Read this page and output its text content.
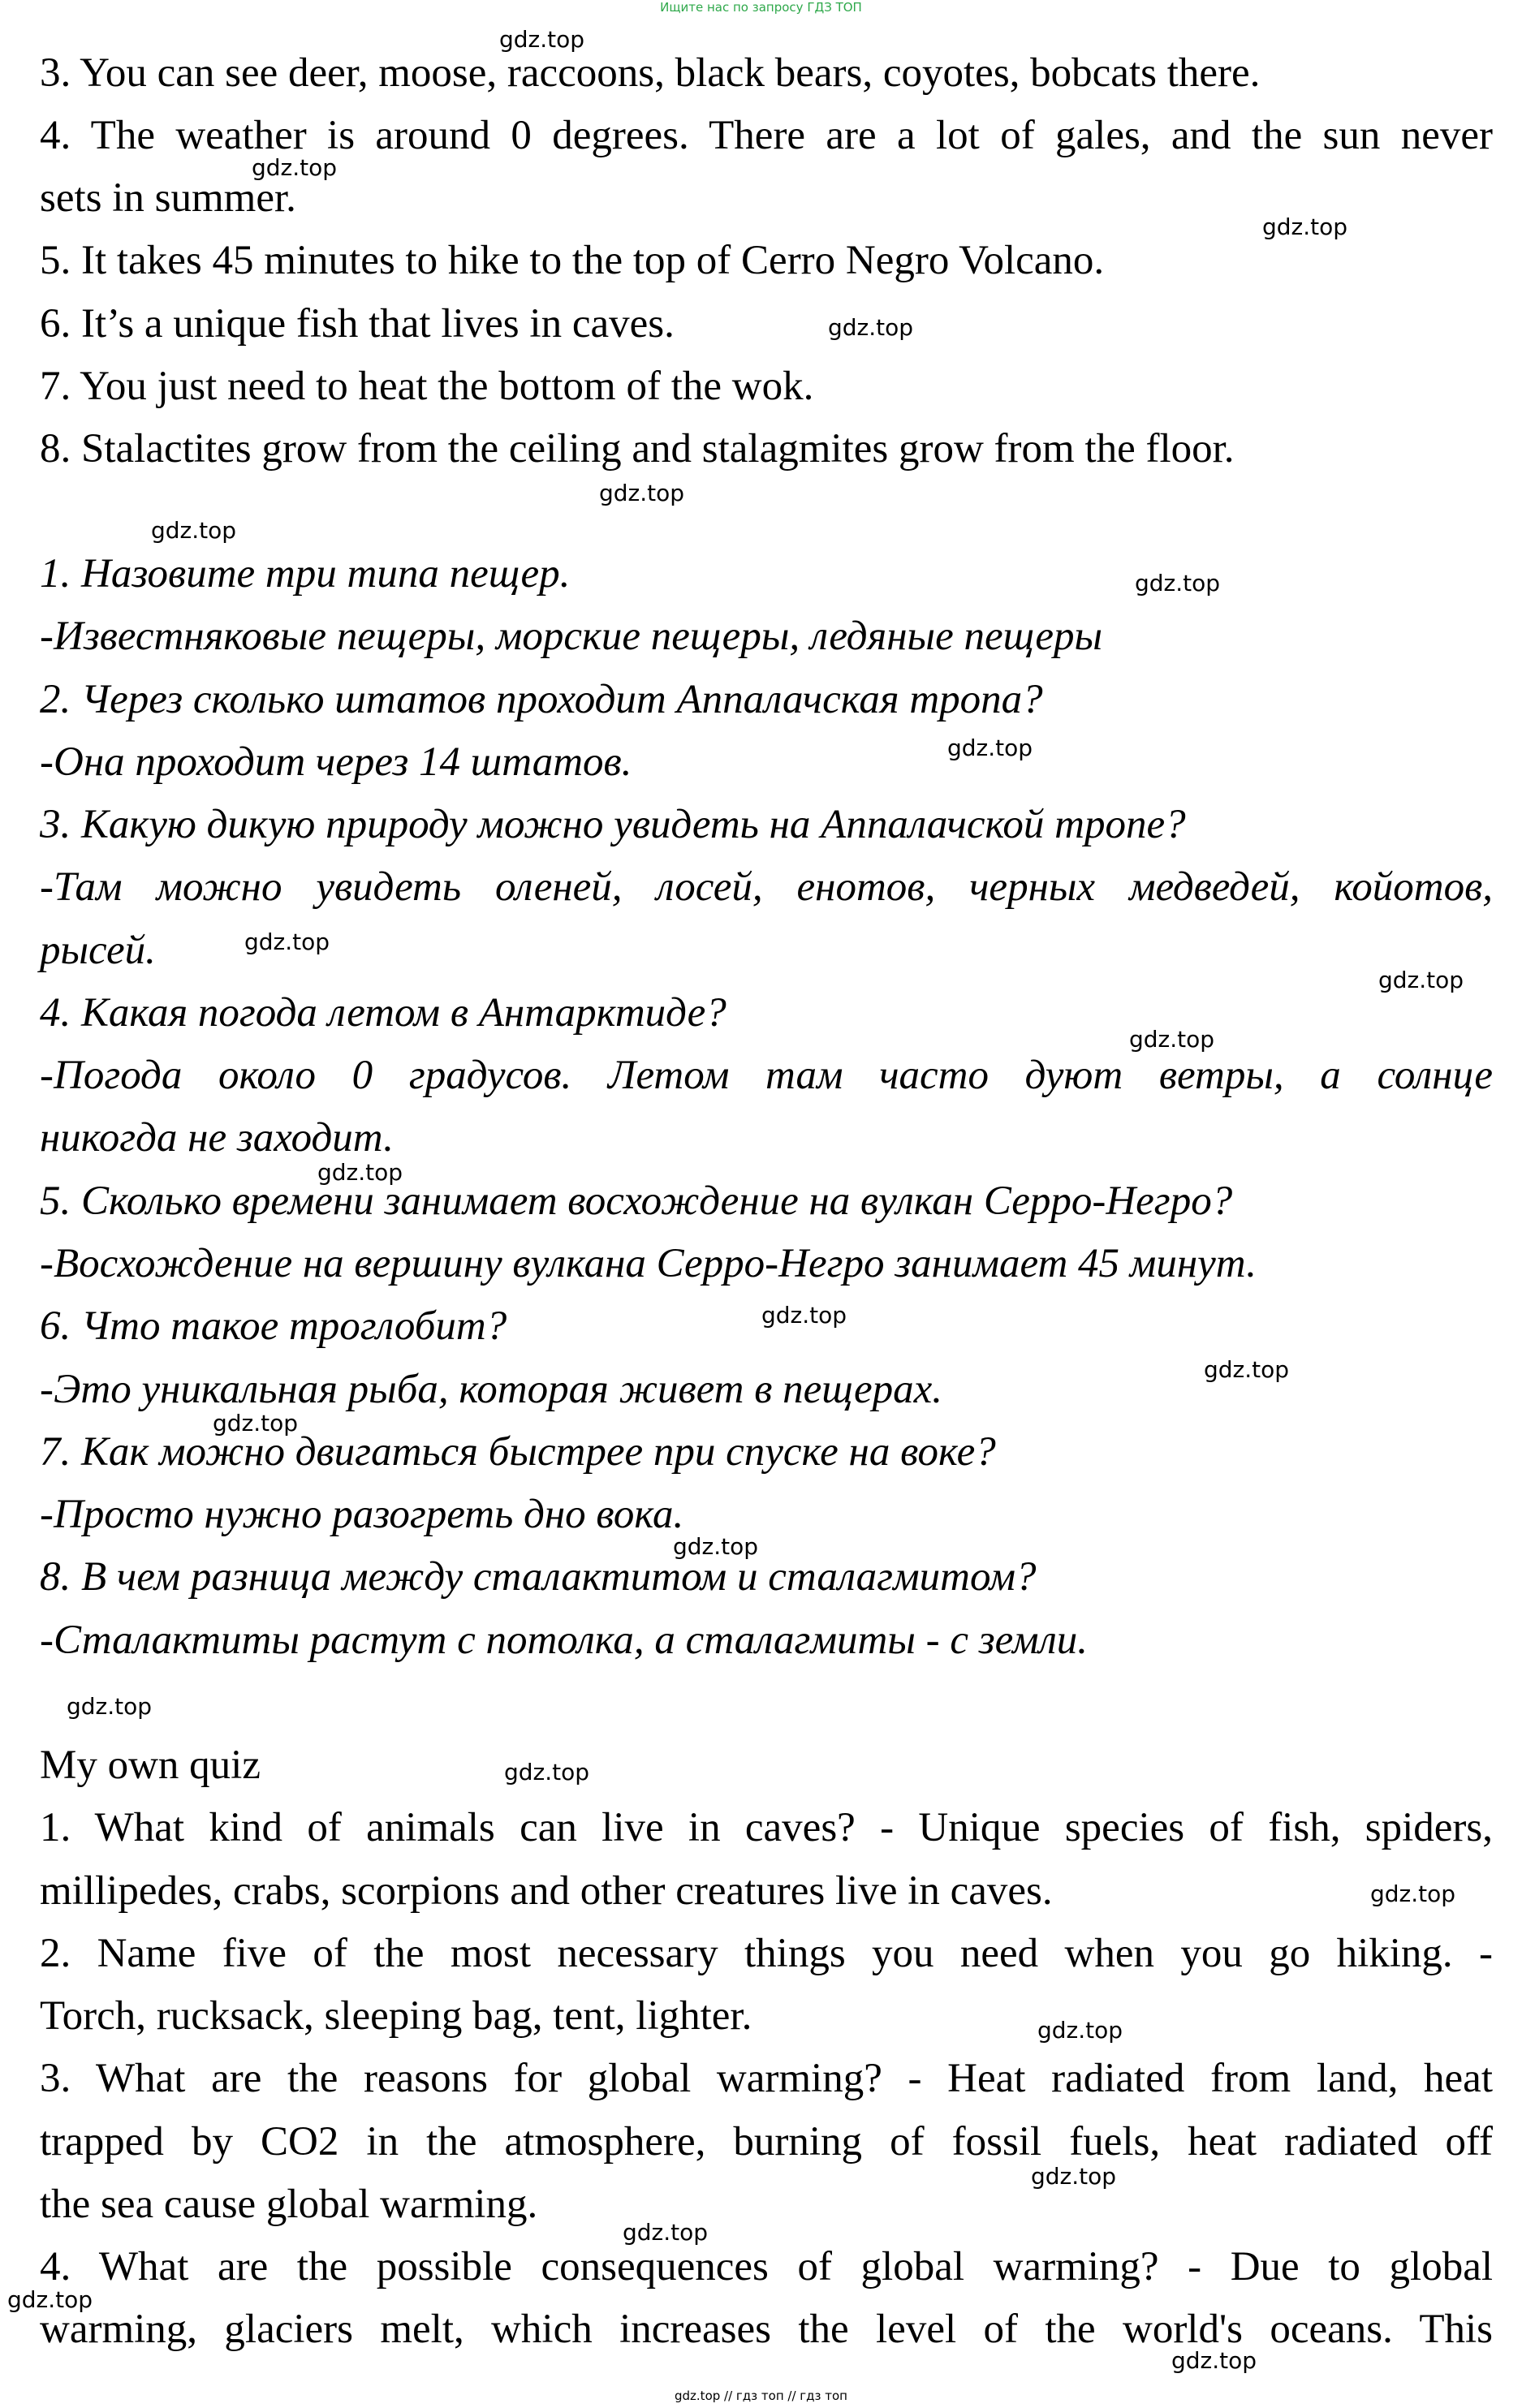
Ищите нас по запросу ГДЗ ТОП
3. You can see deer, moose, raccoons, black bears, coyotes, bobcats there.
4. The weather is around 0 degrees. There are a lot of gales, and the sun never
sets in summer.
5. It takes 45 minutes to hike to the top of Cerro Negro Volcano.
6. It’s a unique fish that lives in caves.
7. You just need to heat the bottom of the wok.
8. Stalactites grow from the ceiling and stalagmites grow from the floor.
1. Назовите три типа пещер.
-Известняковые пещеры, морские пещеры, ледяные пещеры
2. Через сколько штатов проходит Аппалачская тропа?
-Она проходит через 14 штатов.
3. Какую дикую природу можно увидеть на Аппалачской тропе?
-Там можно увидеть оленей, лосей, енотов, черных медведей, койотов,
рысей.
4. Какая погода летом в Антарктиде?
-Погода около 0 градусов. Летом там часто дуют ветры, а солнце
никогда не заходит.
5. Сколько времени занимает восхождение на вулкан Серро-Негро?
-Восхождение на вершину вулкана Серро-Негро занимает 45 минут.
6. Что такое троглобит?
-Это уникальная рыба, которая живет в пещерах.
7. Как можно двигаться быстрее при спуске на воке?
-Просто нужно разогреть дно вока.
8. В чем разница между сталактитом и сталагмитом?
-Сталактиты растут с потолка, а сталагмиты - с земли.
My own quiz
1. What kind of animals can live in caves? - Unique species of fish, spiders,
millipedes, crabs, scorpions and other creatures live in caves.
2. Name five of the most necessary things you need when you go hiking. -
Torch, rucksack, sleeping bag, tent, lighter.
3. What are the reasons for global warming? - Heat radiated from land, heat
trapped by CO2 in the atmosphere, burning of fossil fuels, heat radiated off
the sea cause global warming.
4. What are the possible consequences of global warming? - Due to global
warming, glaciers melt, which increases the level of the world's oceans. This
gdz.top
gdz.top
gdz.top
gdz.top
gdz.top
gdz.top
gdz.top
gdz.top
gdz.top
gdz.top
gdz.top
gdz.top
gdz.top
gdz.top
gdz.top
gdz.top
gdz.top
gdz.top
gdz.top
gdz.top
gdz.top
gdz.top
gdz.top
gdz.top
gdz.top // гдз топ // гдз топ
